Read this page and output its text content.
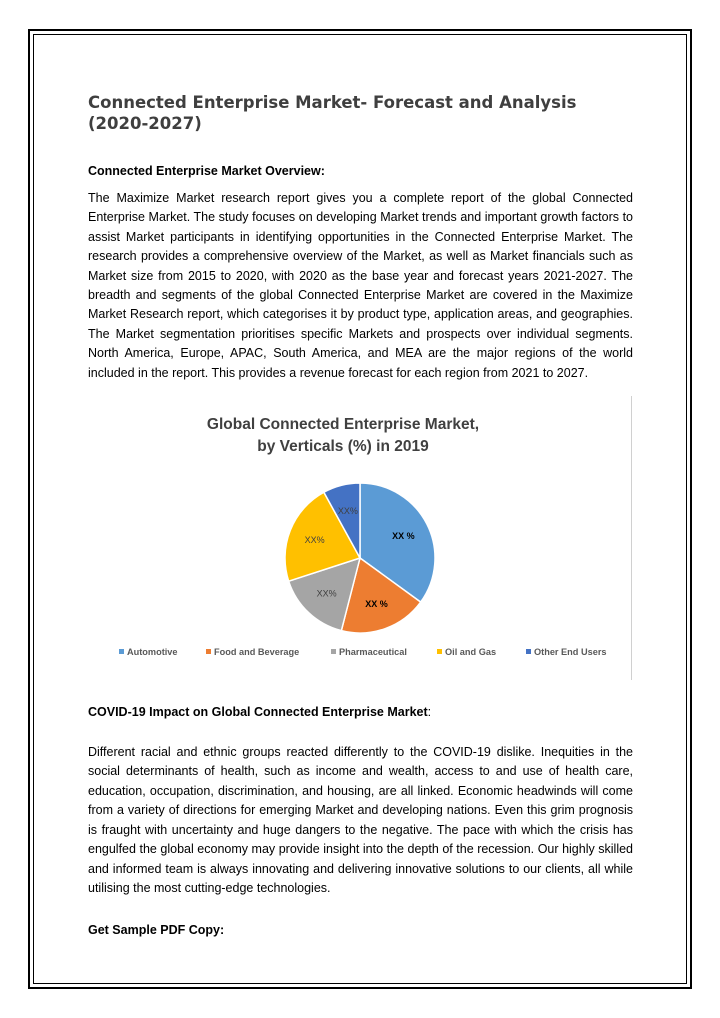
Connected Enterprise Market- Forecast and Analysis
(2020-2027)
Connected Enterprise Market Overview:

The Maximize Market research report gives you a complete report of the global Connected Enterprise Market. The study focuses on developing Market trends and important growth factors to assist Market participants in identifying opportunities in the Connected Enterprise Market. The research provides a comprehensive overview of the Market, as well as Market financials such as Market size from 2015 to 2020, with 2020 as the base year and forecast years 2021-2027. The breadth and segments of the global Connected Enterprise Market are covered in the Maximize Market Research report, which categorises it by product type, application areas, and geographies. The Market segmentation prioritises specific Markets and prospects over individual segments. North America, Europe, APAC, South America, and MEA are the major regions of the world included in the report. This provides a revenue forecast for each region from 2021 to 2027.

Global Connected Enterprise Market,
by Verticals (%) in 2019
XX %
XX %
XX%
XX%
XX%
Automotive	Food and Beverage	Pharmaceutical	Oil and Gas	Other End Users
COVID-19 Impact on Global Connected Enterprise Market:

Different racial and ethnic groups reacted differently to the COVID-19 dislike. Inequities in the social determinants of health, such as income and wealth, access to and use of health care, education, occupation, discrimination, and housing, are all linked. Economic headwinds will come from a variety of directions for emerging Market and developing nations. Even this grim prognosis is fraught with uncertainty and huge dangers to the negative. The pace with which the crisis has engulfed the global economy may provide insight into the depth of the recession. Our highly skilled and informed team is always innovating and delivering innovative solutions to our clients, all while utilising the most cutting-edge technologies.

Get Sample PDF Copy:
